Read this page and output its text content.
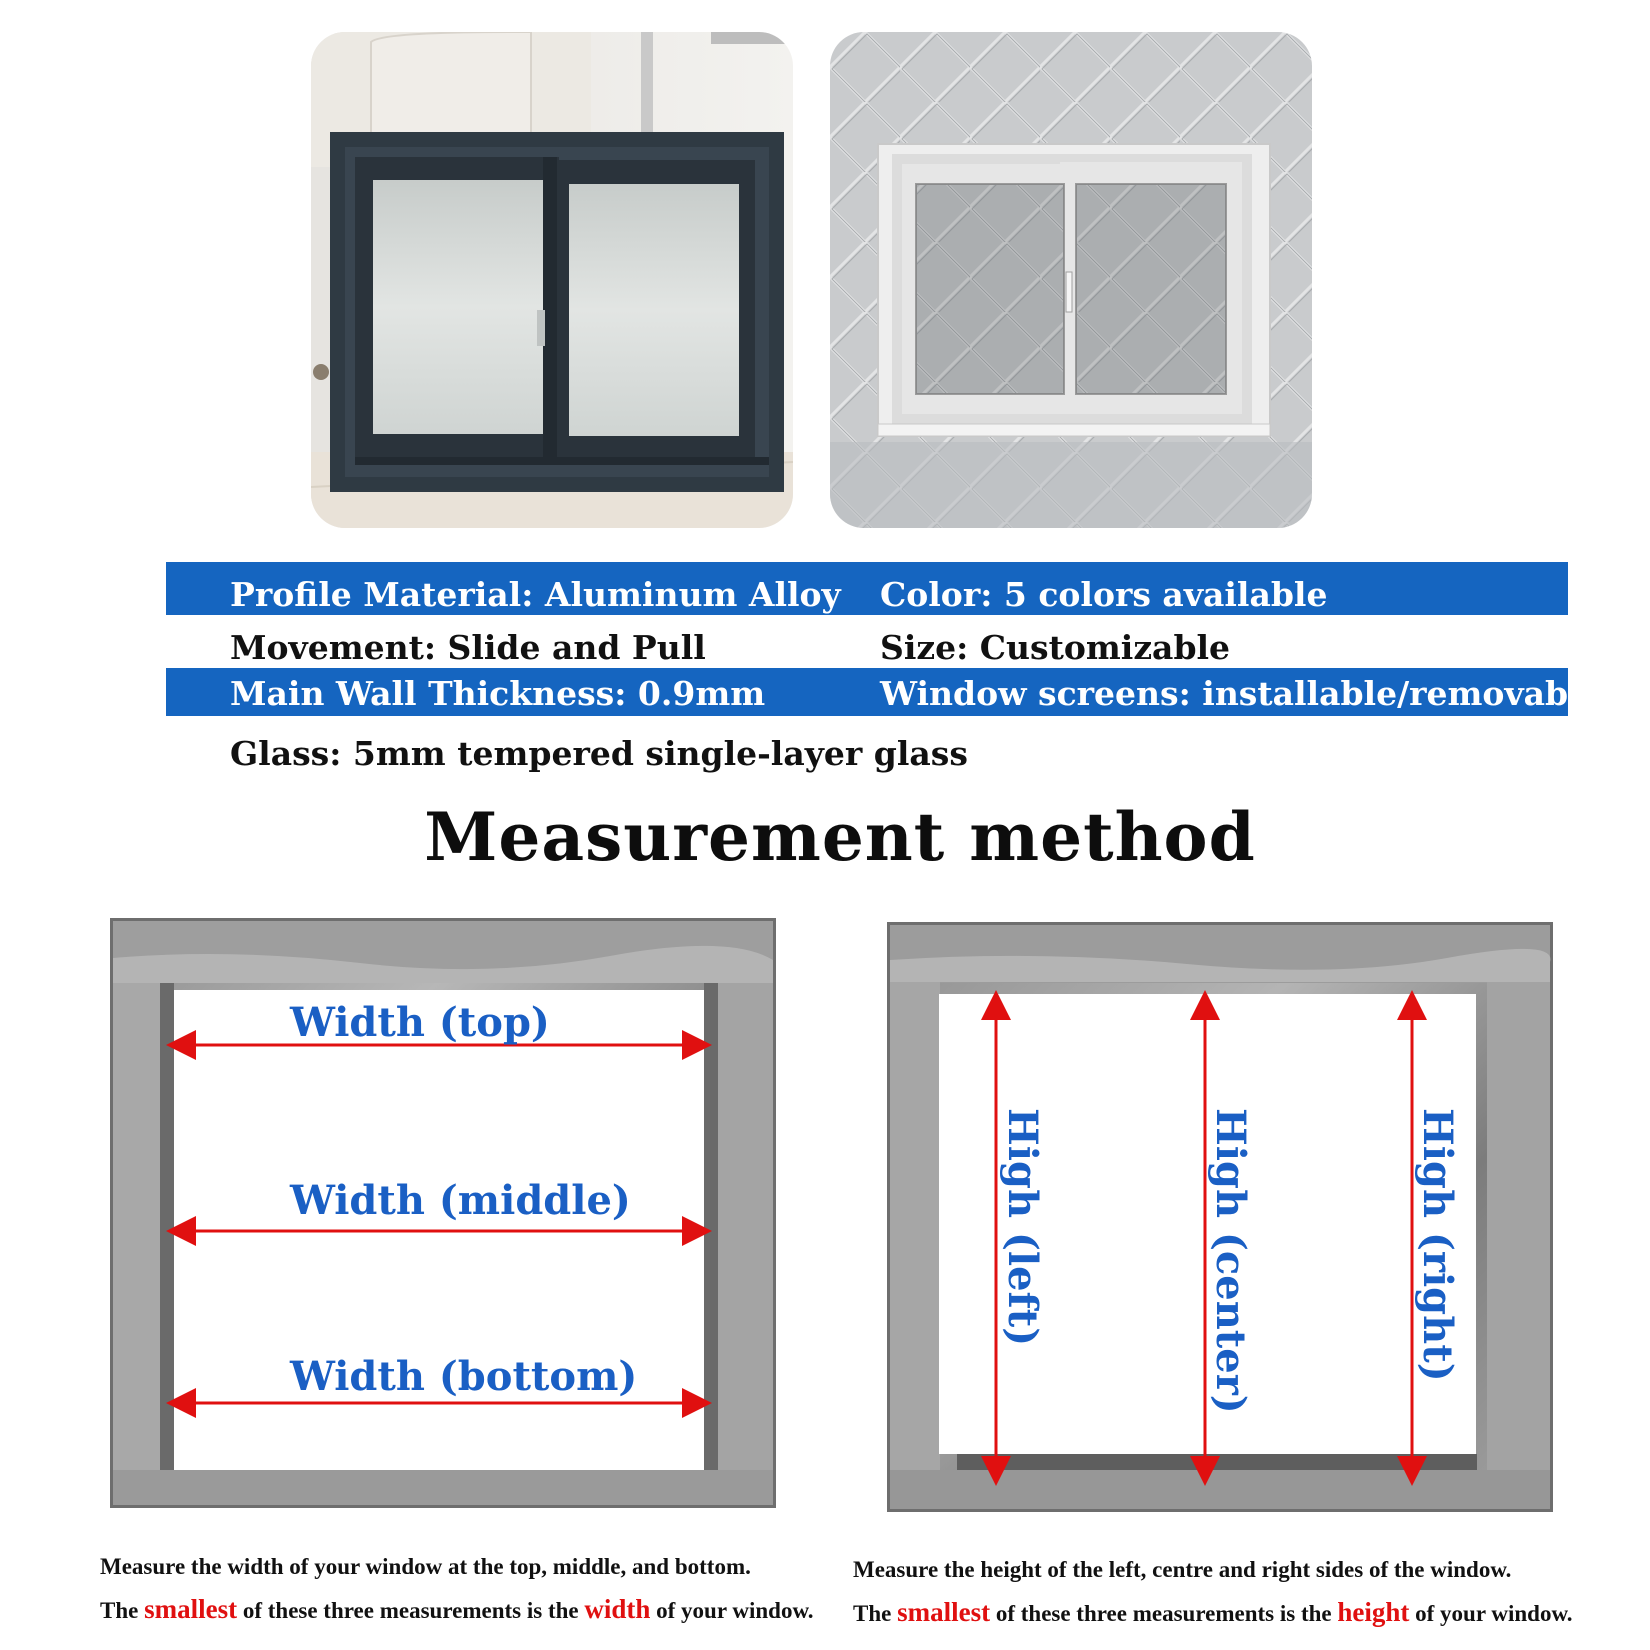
Profile Material: Aluminum Alloy Color: 5 colors available
Movement: Slide and Pull	Size: Customizable
Main Wall Thickness: 0.9mm	Window screens: installable/removable
Glass: 5mm tempered single-layer glass
Measurement method
Width (top)
Width (middle)
Width (bottom)
High (left)	High (center)	High (right)
Measure the width of your window at the top, middle, and bottom.
The smallest of these three measurements is the width of your window.
Measure the height of the left, centre and right sides of the window.
The smallest of these three measurements is the height of your window.
